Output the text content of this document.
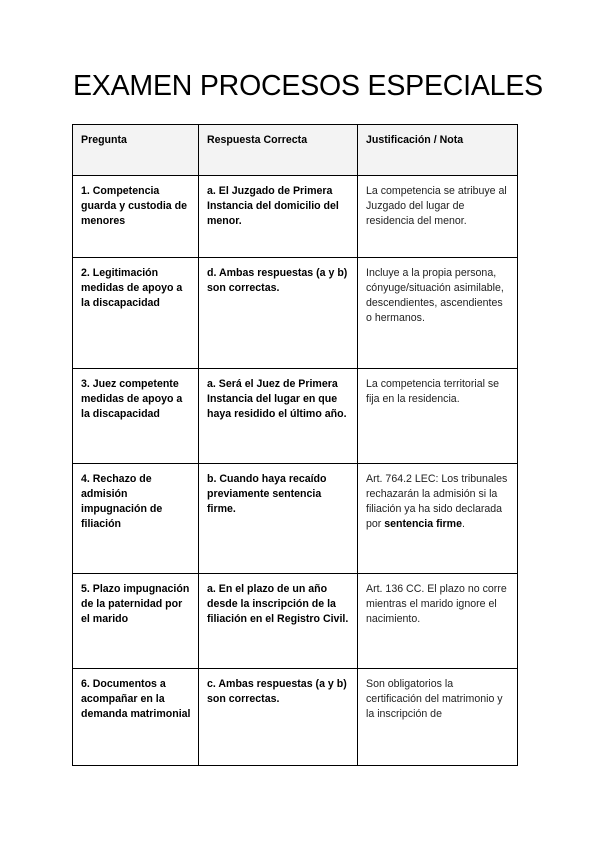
EXAMEN PROCESOS ESPECIALES
Pregunta	Respuesta Correcta	Justificación / Nota
1. Competencia guarda y custodia de menores	a. El Juzgado de Primera Instancia del domicilio del menor.	La competencia se atribuye al Juzgado del lugar de residencia del menor.
2. Legitimación medidas de apoyo a la discapacidad	d. Ambas respuestas (a y b) son correctas.	Incluye a la propia persona, cónyuge/situación asimilable, descendientes, ascendientes o hermanos.
3. Juez competente medidas de apoyo a la discapacidad	a. Será el Juez de Primera Instancia del lugar en que haya residido el último año.	La competencia territorial se fija en la residencia.
4. Rechazo de admisión impugnación de filiación	b. Cuando haya recaído previamente sentencia firme.	Art. 764.2 LEC: Los tribunales rechazarán la admisión si la filiación ya ha sido declarada por sentencia firme.
5. Plazo impugnación de la paternidad por el marido	a. En el plazo de un año desde la inscripción de la filiación en el Registro Civil.	Art. 136 CC. El plazo no corre mientras el marido ignore el nacimiento.
6. Documentos a acompañar en la demanda matrimonial	c. Ambas respuestas (a y b) son correctas.	Son obligatorios la certificación del matrimonio y la inscripción de
